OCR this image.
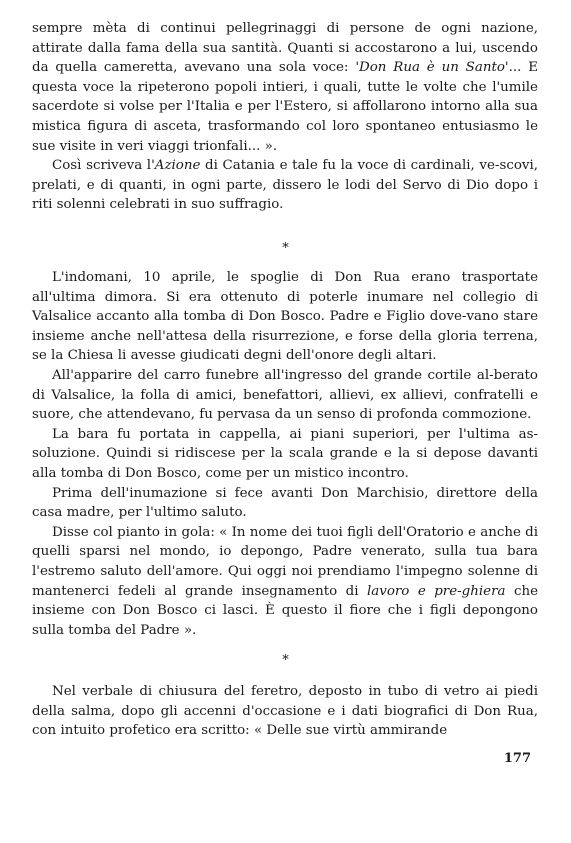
sempre mèta di continui pellegrinaggi di persone de ogni nazione, attirate dalla fama della sua santità. Quanti si accostarono a lui, uscendo da quella cameretta, avevano una sola voce: 'Don Rua è un Santo'... E questa voce la ripeterono popoli intieri, i quali, tutte le volte che l'umile sacerdote si volse per l'Italia e per l'Estero, si affollarono intorno alla sua mistica figura di asceta, trasformando col loro spontaneo entusiasmo le sue visite in veri viaggi trionfali... ».

Così scriveva l'Azione di Catania e tale fu la voce di cardinali, ve-scovi, prelati, e di quanti, in ogni parte, dissero le lodi del Servo di Dio dopo i riti solenni celebrati in suo suffragio.

*

L'indomani, 10 aprile, le spoglie di Don Rua erano trasportate all'ultima dimora. Si era ottenuto di poterle inumare nel collegio di Valsalice accanto alla tomba di Don Bosco. Padre e Figlio dove-vano stare insieme anche nell'attesa della risurrezione, e forse della gloria terrena, se la Chiesa li avesse giudicati degni dell'onore degli altari.

All'apparire del carro funebre all'ingresso del grande cortile al-berato di Valsalice, la folla di amici, benefattori, allievi, ex allievi, confratelli e suore, che attendevano, fu pervasa da un senso di profonda commozione.

La bara fu portata in cappella, ai piani superiori, per l'ultima as-soluzione. Quindi si ridiscese per la scala grande e la si depose davanti alla tomba di Don Bosco, come per un mistico incontro.

Prima dell'inumazione si fece avanti Don Marchisio, direttore della casa madre, per l'ultimo saluto.

Disse col pianto in gola: « In nome dei tuoi figli dell'Oratorio e anche di quelli sparsi nel mondo, io depongo, Padre venerato, sulla tua bara l'estremo saluto dell'amore. Qui oggi noi prendiamo l'impegno solenne di mantenerci fedeli al grande insegnamento di lavoro e pre-ghiera che insieme con Don Bosco ci lasci. È questo il fiore che i figli depongono sulla tomba del Padre ».

*

Nel verbale di chiusura del feretro, deposto in tubo di vetro ai piedi della salma, dopo gli accenni d'occasione e i dati biografici di Don Rua, con intuito profetico era scritto: « Delle sue virtù ammirande

177
